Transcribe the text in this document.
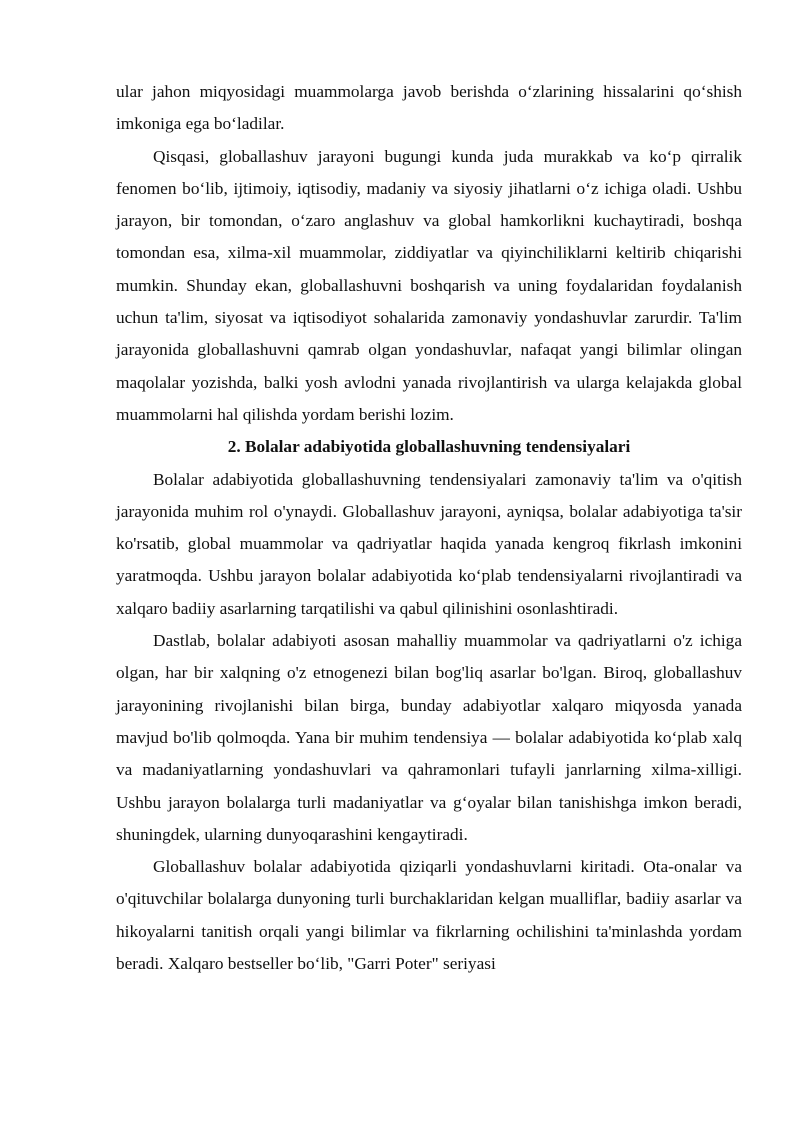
ular jahon miqyosidagi muammolarga javob berishda o‘zlarining hissalarini qo‘shish imkoniga ega bo‘ladilar.

Qisqasi, globallashuv jarayoni bugungi kunda juda murakkab va ko‘p qirralik fenomen bo‘lib, ijtimoiy, iqtisodiy, madaniy va siyosiy jihatlarni o‘z ichiga oladi. Ushbu jarayon, bir tomondan, o‘zaro anglashuv va global hamkorlikni kuchaytiradi, boshqa tomondan esa, xilma-xil muammolar, ziddiyatlar va qiyinchiliklarni keltirib chiqarishi mumkin. Shunday ekan, globallashuvni boshqarish va uning foydalaridan foydalanish uchun ta'lim, siyosat va iqtisodiyot sohalarida zamonaviy yondashuvlar zarurdir. Ta'lim jarayonida globallashuvni qamrab olgan yondashuvlar, nafaqat yangi bilimlar olingan maqolalar yozishda, balki yosh avlodni yanada rivojlantirish va ularga kelajakda global muammolarni hal qilishda yordam berishi lozim.

2. Bolalar adabiyotida globallashuvning tendensiyalari

Bolalar adabiyotida globallashuvning tendensiyalari zamonaviy ta'lim va o'qitish jarayonida muhim rol o'ynaydi. Globallashuv jarayoni, ayniqsa, bolalar adabiyotiga ta'sir ko'rsatib, global muammolar va qadriyatlar haqida yanada kengroq fikrlash imkonini yaratmoqda. Ushbu jarayon bolalar adabiyotida ko‘plab tendensiyalarni rivojlantiradi va xalqaro badiiy asarlarning tarqatilishi va qabul qilinishini osonlashtiradi.

Dastlab, bolalar adabiyoti asosan mahalliy muammolar va qadriyatlarni o'z ichiga olgan, har bir xalqning o'z etnogenezi bilan bog'liq asarlar bo'lgan. Biroq, globallashuv jarayonining rivojlanishi bilan birga, bunday adabiyotlar xalqaro miqyosda yanada mavjud bo'lib qolmoqda. Yana bir muhim tendensiya — bolalar adabiyotida ko‘plab xalq va madaniyatlarning yondashuvlari va qahramonlari tufayli janrlarning xilma-xilligi. Ushbu jarayon bolalarga turli madaniyatlar va g‘oyalar bilan tanishishga imkon beradi, shuningdek, ularning dunyoqarashini kengaytiradi.

Globallashuv bolalar adabiyotida qiziqarli yondashuvlarni kiritadi. Ota-onalar va o'qituvchilar bolalarga dunyoning turli burchaklaridan kelgan mualliflar, badiiy asarlar va hikoyalarni tanitish orqali yangi bilimlar va fikrlarning ochilishini ta'minlashda yordam beradi. Xalqaro bestseller bo‘lib, "Garri Poter" seriyasi
